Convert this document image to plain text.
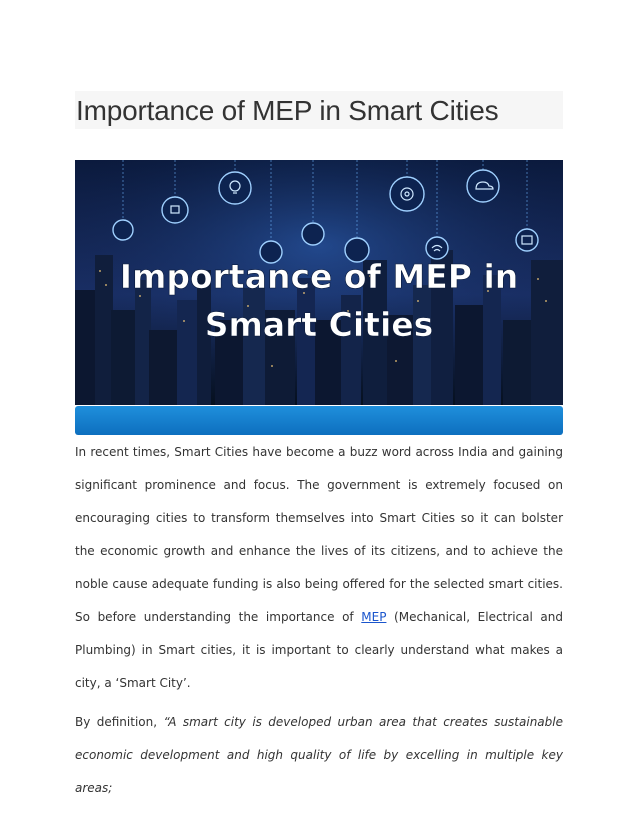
Importance of MEP in Smart Cities
Importance of MEP in
Smart Cities

In recent times, Smart Cities have become a buzz word across India and gaining significant prominence and focus. The government is extremely focused on encouraging cities to transform themselves into Smart Cities so it can bolster the economic growth and enhance the lives of its citizens, and to achieve the noble cause adequate funding is also being offered for the selected smart cities. So before understanding the importance of MEP (Mechanical, Electrical and Plumbing) in Smart cities, it is important to clearly understand what makes a city, a ‘Smart City’.

By definition, “A smart city is developed urban area that creates sustainable economic development and high quality of life by excelling in multiple key areas;
